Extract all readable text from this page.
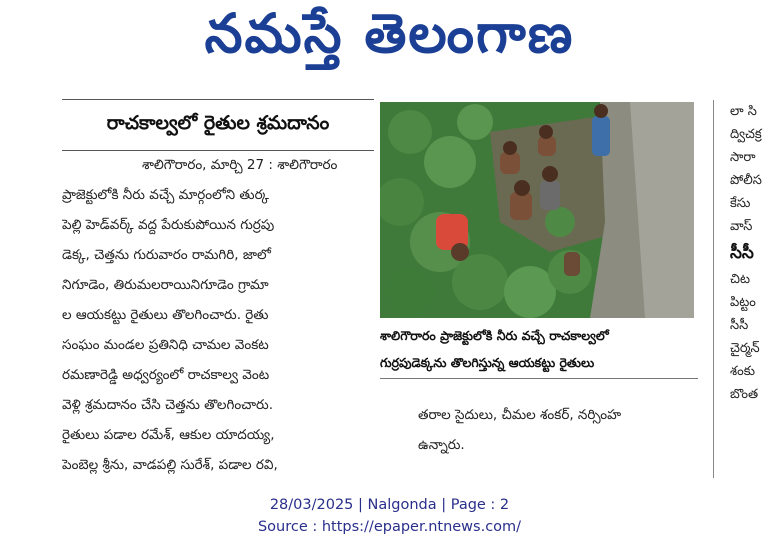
నమస్తే తెలంగాణ
రాచకాల్వలో రైతుల శ్రమదానం
శాలిగౌరారం, మార్చి 27 : శాలిగౌరారం
ప్రాజెక్టులోకి నీరు వచ్చే మార్గంలోని తుర్క
పెల్లి హెడ్‌వర్క్ వద్ద పేరుకుపోయిన గుర్రపు
డెక్క, చెత్తను గురువారం రామగిరి, జాలో
నిగూడెం, తిరుమలరాయినిగూడెం గ్రామా
ల ఆయకట్టు రైతులు తొలగించారు. రైతు
సంఘం మండల ప్రతినిధి చామల వెంకట
రమణారెడ్డి అధ్వర్యంలో రాచకాల్వ వెంట
వెళ్లి శ్రమదానం చేసి చెత్తను తొలగించారు.
రైతులు పడాల రమేశ్, ఆకుల యాదయ్య,
పెంబెల్ల శ్రీను, వాడపల్లి సురేశ్, పడాల రవి,
శాలిగౌరారం ప్రాజెక్టులోకి నీరు వచ్చే రాచకాల్వలో
గుర్రపుడెక్కను తొలగిస్తున్న ఆయకట్టు రైతులు
తరాల సైదులు, చీమల శంకర్, నర్సింహ
ఉన్నారు.
లా సి
ద్విచక్ర
సారా
పోలీస
కేసు
వాస్
సీసీ
చిట
పిట్టం
సీసీ
చైర్మన్
శంకు
బొంత
28/03/2025 | Nalgonda | Page : 2
Source : https://epaper.ntnews.com/
